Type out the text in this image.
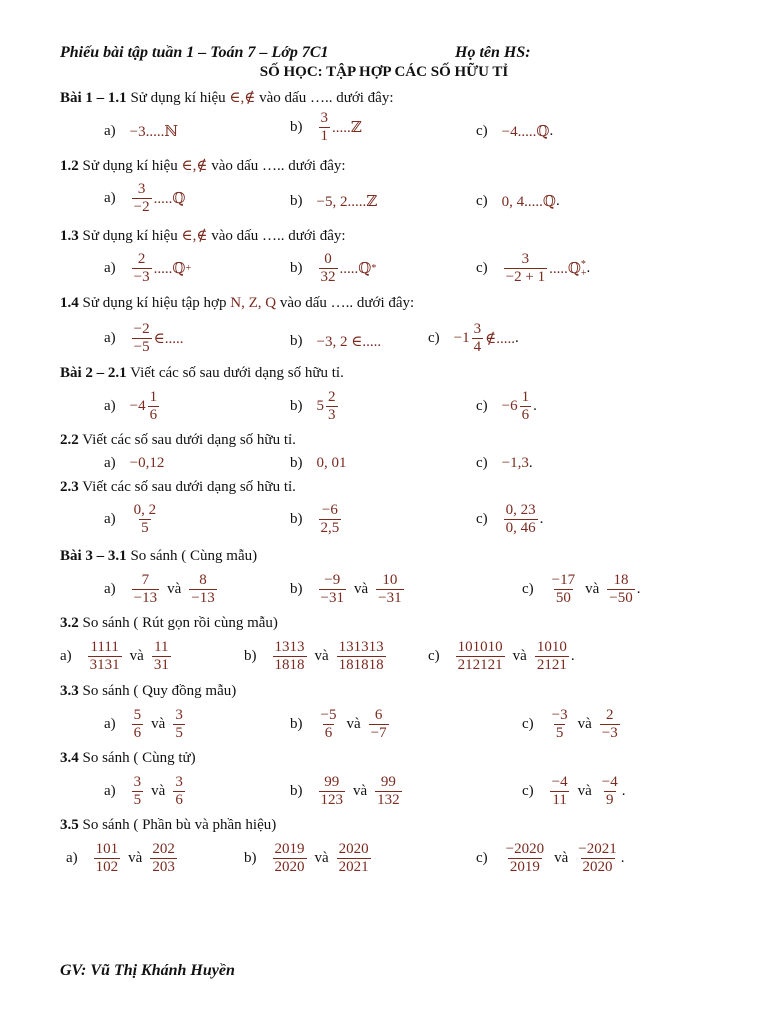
Phiếu bài tập tuần 1 – Toán 7 – Lớp 7C1	Họ tên HS:
SỐ HỌC: TẬP HỢP CÁC SỐ HỮU TỈ
Bài 1 – 1.1 Sử dụng kí hiệu ∈,∉ vào dấu ….. dưới đây:
1.2 Sử dụng kí hiệu ∈,∉ vào dấu ….. dưới đây:
1.3 Sử dụng kí hiệu ∈,∉ vào dấu ….. dưới đây:
1.4 Sử dụng kí hiệu tập hợp N, Z, Q vào dấu ….. dưới đây:
Bài 2 – 2.1 Viết các số sau dưới dạng số hữu tỉ.
2.2 Viết các số sau dưới dạng số hữu tỉ.
2.3 Viết các số sau dưới dạng số hữu tỉ.
Bài 3 – 3.1 So sánh ( Cùng mẫu)
3.2 So sánh ( Rút gọn rồi cùng mẫu)
3.3 So sánh ( Quy đồng mẫu)
3.4 So sánh ( Cùng tử)
3.5 So sánh ( Phần bù và phần hiệu)
a) −3.....ℕ	$b) \frac{3}{1}$ .....ℤ	c) −4.....ℚ .
$a) \frac{3}{-2}$ .....ℚ	b) −5, 2.....ℤ	c) 0, 4.....ℚ .
$a) \frac{2}{-3}$ .....ℚ +	$b) \frac{0}{32}$ .....ℚ *	$c) \frac{3}{-2 + 1}$ .....ℚ *
+ .
$a) \frac{-2}{-5}$ ∈.....	b) −3, 2 ∈.....	$c) -1 \frac{3}{4}$ ∉..... .
$a) -4 \frac{1}{6}$	b) $5 \frac{2}{3}$	$c) -6 \frac{1}{6}$ .
a) −0,12	b) 0, 01	c) −1,3 .
$a) \frac{0, 2}{5}$	$b) \frac{-6}{2,5}$	$c) \frac{0, 23}{0, 46}$ .
$a) \frac{7}{-13}$ và $\frac{8}{-13}$	$b) \frac{-9}{-31}$ và $\frac{10}{-31}$	$c) \frac{-17}{50}$ và $\frac{18}{-50}$ .
$a) \frac{1111}{3131}$ và $\frac{11}{31}$	$b) \frac{1313}{1818}$ và $\frac{131313}{181818}$	$c) \frac{101010}{212121}$ và $\frac{1010}{2121}$ .
$a) \frac{5}{6}$ và $\frac{3}{5}$	$b) \frac{-5}{6}$ và $\frac{6}{-7}$	$c) \frac{-3}{5}$ và $\frac{2}{-3}$
$a) \frac{3}{5}$ và $\frac{3}{6}$	$b) \frac{99}{123}$ và $\frac{99}{132}$	$c) \frac{-4}{11}$ và $\frac{-4}{9}$ .
$a) \frac{101}{102}$ và $\frac{202}{203}$	$b) \frac{2019}{2020}$ và $\frac{2020}{2021}$	$c) \frac{-2020}{2019}$ và $\frac{-2021}{2020}$ .
GV: Vũ Thị Khánh Huyền
